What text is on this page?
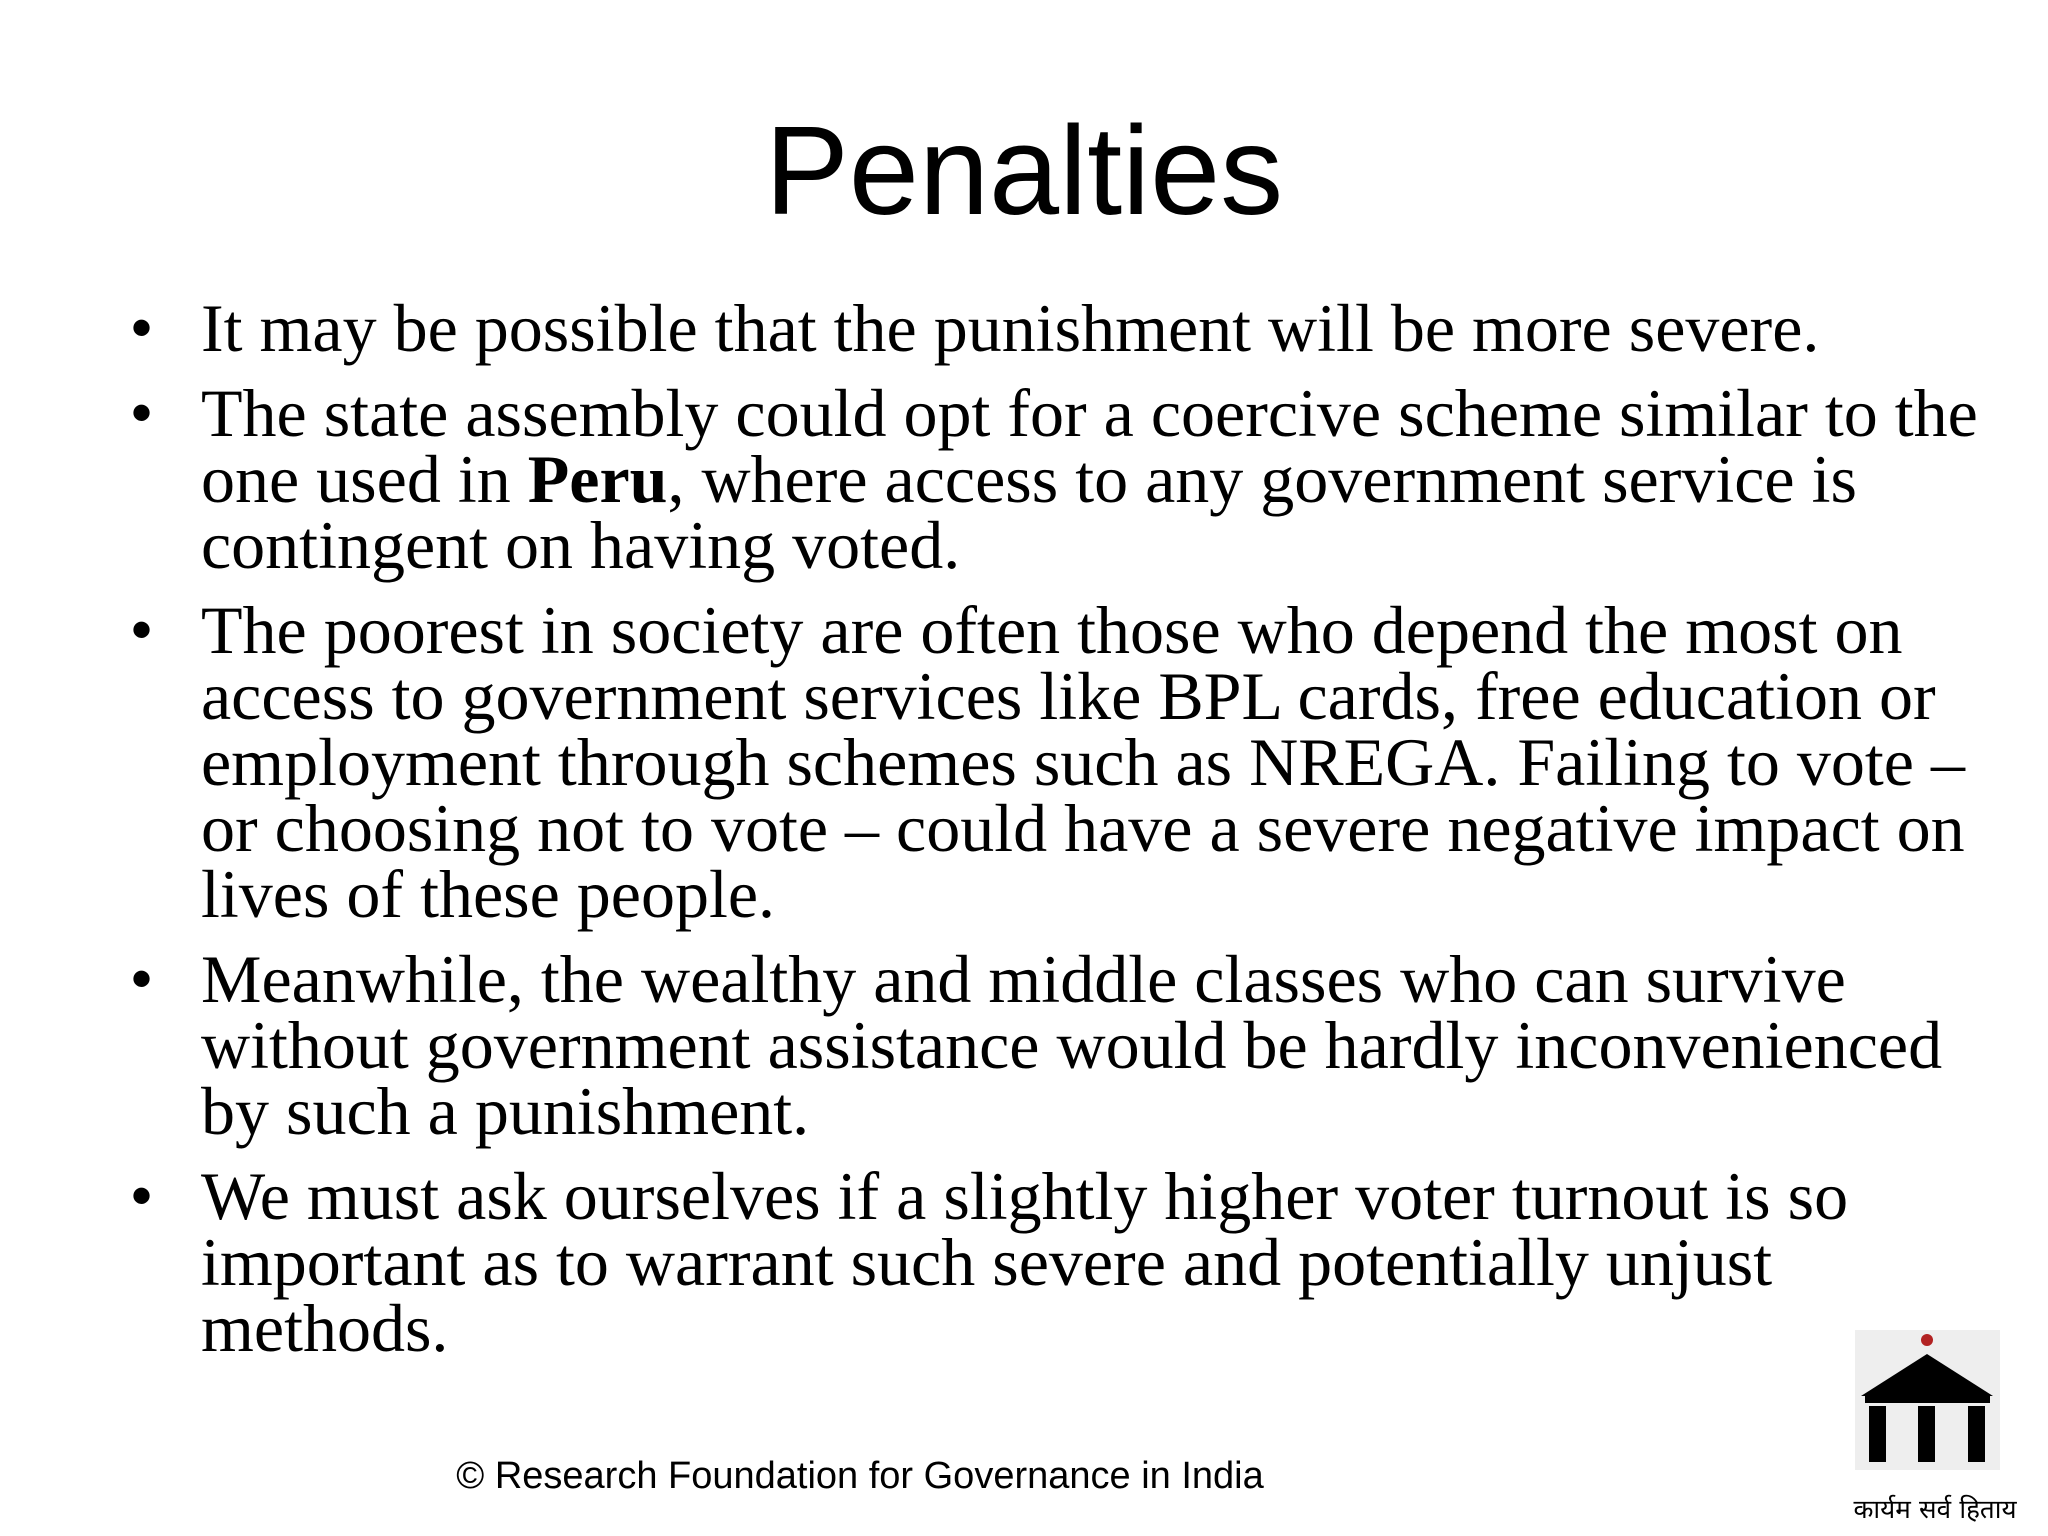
Penalties
• It may be possible that the punishment will be more severe.
• The state assembly could opt for a coercive scheme similar to the one used in Peru, where access to any government service is contingent on having voted.
• The poorest in society are often those who depend the most on access to government services like BPL cards, free education or employment through schemes such as NREGA. Failing to vote – or choosing not to vote – could have a severe negative impact on lives of these people.
• Meanwhile, the wealthy and middle classes who can survive without government assistance would be hardly inconvenienced by such a punishment.
• We must ask ourselves if a slightly higher voter turnout is so important as to warrant such severe and potentially unjust methods.
© Research Foundation for Governance in India
कार्यम सर्व हिताय
